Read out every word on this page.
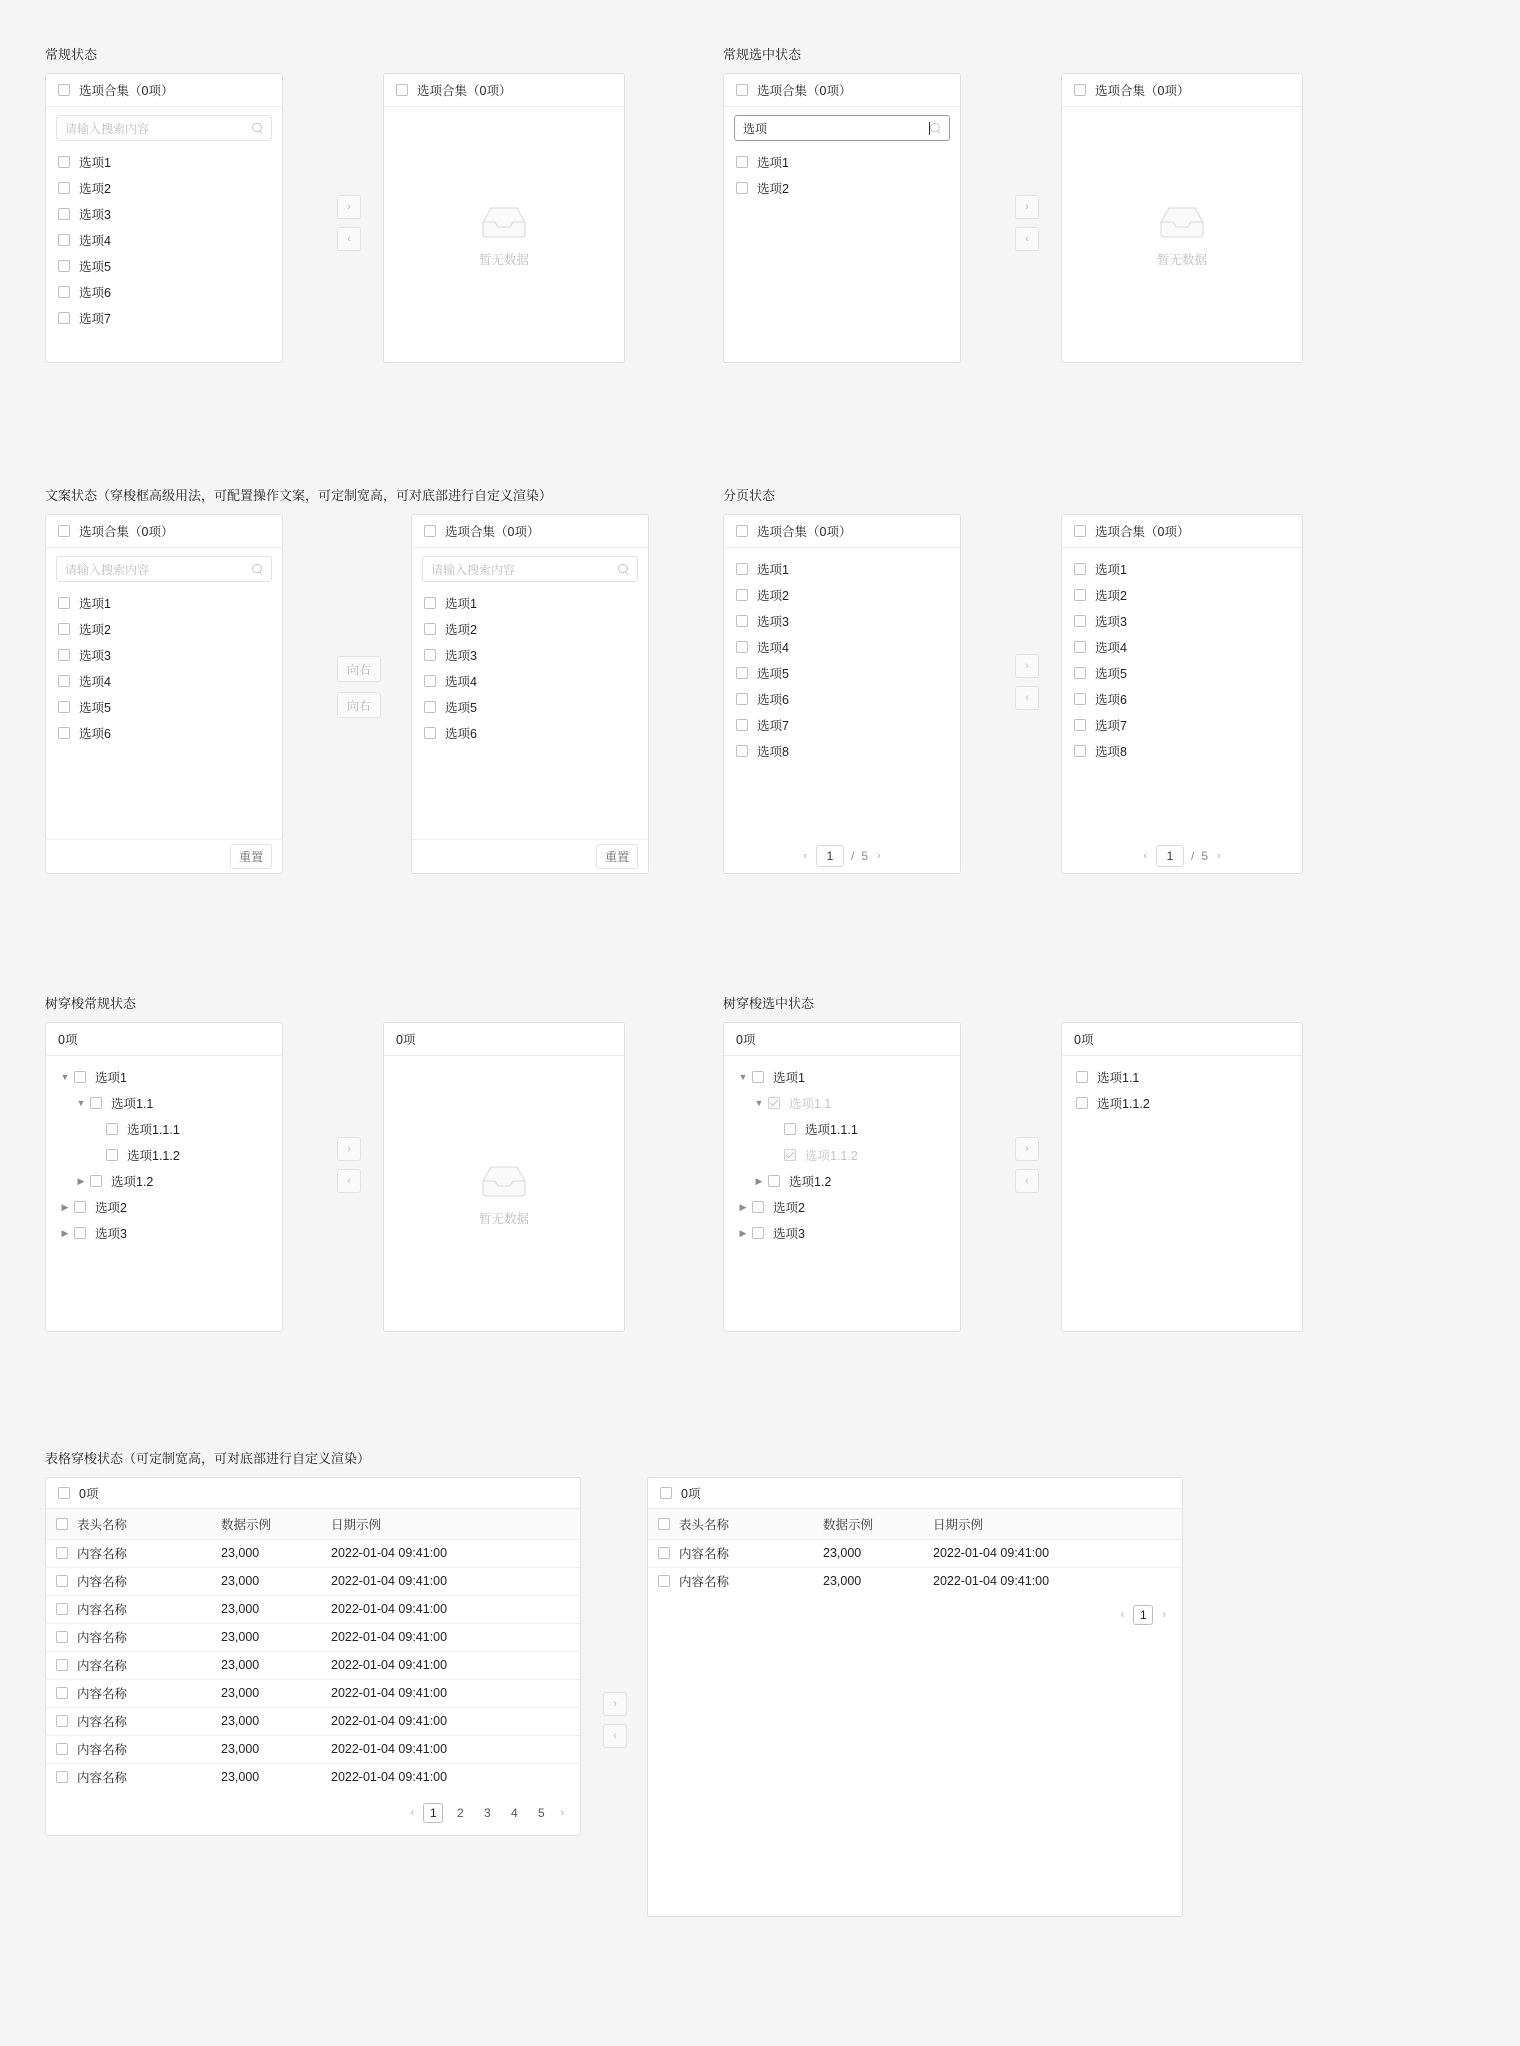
常规状态
选项合集（0项）
请输入搜索内容
选项1
选项2
选项3
选项4
选项5
选项6
选项7
›
‹
选项合集（0项）
暂无数据
常规选中状态
选项合集（0项）
选项
选项1
选项2
›
‹
选项合集（0项）
暂无数据
文案状态（穿梭框高级用法，可配置操作文案，可定制宽高，可对底部进行自定义渲染）
选项合集（0项）
请输入搜索内容
选项1
选项2
选项3
选项4
选项5
选项6
重置
向右
向右
选项合集（0项）
请输入搜索内容
选项1
选项2
选项3
选项4
选项5
选项6
重置
分页状态
选项合集（0项）
选项1
选项2
选项3
选项4
选项5
选项6
选项7
选项8
‹	1	/ 5 ›
›
‹
选项合集（0项）
选项1
选项2
选项3
选项4
选项5
选项6
选项7
选项8
‹	1	/ 5 ›
树穿梭常规状态
0项
▼ 选项1
▼ 选项1.1
选项1.1.1
选项1.1.2
▶ 选项1.2
▶ 选项2
▶ 选项3
›
‹
0项
暂无数据
树穿梭选中状态
0项
▼ 选项1
▼ 选项1.1
选项1.1.1
选项1.1.2
▶ 选项1.2
▶ 选项2
▶ 选项3
›
‹
0项
选项1.1
选项1.1.2
表格穿梭状态（可定制宽高，可对底部进行自定义渲染）
0项
表头名称	数据示例	日期示例

内容名称	23,000	2022-01-04 09:41:00

内容名称	23,000	2022-01-04 09:41:00

内容名称	23,000	2022-01-04 09:41:00

内容名称	23,000	2022-01-04 09:41:00

内容名称	23,000	2022-01-04 09:41:00

内容名称	23,000	2022-01-04 09:41:00

内容名称	23,000	2022-01-04 09:41:00

内容名称	23,000	2022-01-04 09:41:00

内容名称	23,000	2022-01-04 09:41:00
‹	1	2	3	4	5	›
›
‹
0项
表头名称	数据示例	日期示例

内容名称	23,000	2022-01-04 09:41:00

内容名称	23,000	2022-01-04 09:41:00
‹	1	›
